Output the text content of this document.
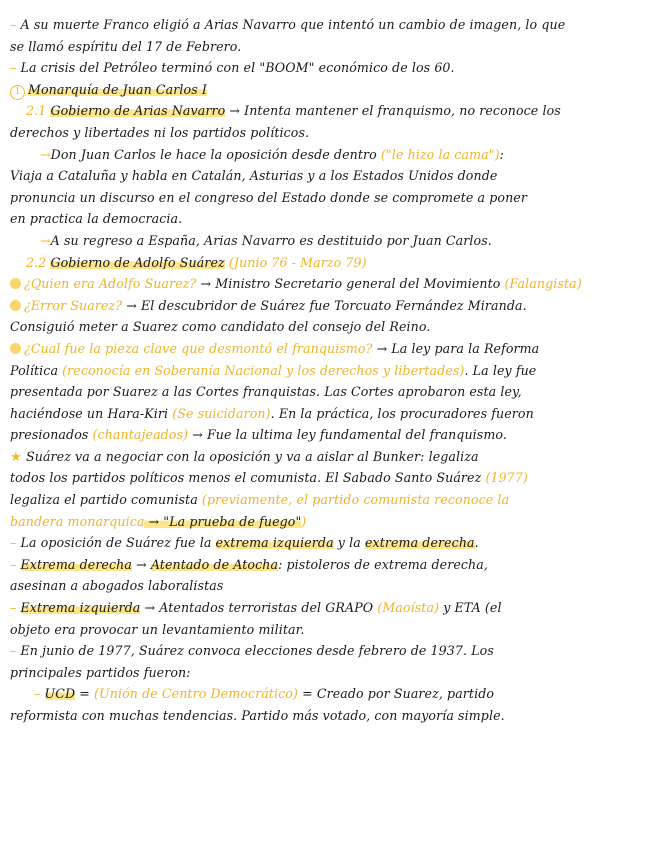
– A su muerte Franco eligió a Arias Navarro que intentó un cambio de imagen, lo que
se llamó espíritu del 17 de Febrero.
– La crisis del Petróleo terminó con el "BOOM" económico de los 60.
1 Monarquía de Juan Carlos I
2.1 Gobierno de Arias Navarro → Intenta mantener el franquismo, no reconoce los
derechos y libertades ni los partidos políticos.
→Don Juan Carlos le hace la oposición desde dentro ("le hizo la cama"):
Viaja a Cataluña y habla en Catalán, Asturias y a los Estados Unidos donde
pronuncia un discurso en el congreso del Estado donde se compromete a poner
en practica la democracia.
→A su regreso a España, Arias Navarro es destituido por Juan Carlos.
2.2 Gobierno de Adolfo Suárez (Junio 76 - Marzo 79)
¿Quien era Adolfo Suarez? → Ministro Secretario general del Movimiento (Falangista)
¿Error Suarez? → El descubridor de Suárez fue Torcuato Fernández Miranda.
Consiguió meter a Suarez como candidato del consejo del Reino.
¿Cual fue la pieza clave que desmontó el franquismo? → La ley para la Reforma
Política (reconocía en Soberanía Nacional y los derechos y libertades). La ley fue
presentada por Suarez a las Cortes franquistas. Las Cortes aprobaron esta ley,
haciéndose un Hara-Kiri (Se suicidaron). En la práctica, los procuradores fueron
presionados (chantajeados) → Fue la ultima ley fundamental del franquismo.
★ Suárez va a negociar con la oposición y va a aislar al Bunker: legaliza
todos los partidos políticos menos el comunista. El Sabado Santo Suárez (1977)
legaliza el partido comunista (previamente, el partido comunista reconoce la
bandera monarquica → "La prueba de fuego")
– La oposición de Suárez fue la extrema izquierda y la extrema derecha.
– Extrema derecha → Atentado de Atocha: pistoleros de extrema derecha,
asesinan a abogados laboralistas
– Extrema izquierda → Atentados terroristas del GRAPO (Maoísta) y ETA (el
objeto era provocar un levantamiento militar.
– En junio de 1977, Suárez convoca elecciones desde febrero de 1937. Los
principales partidos fueron:
– UCD = (Unión de Centro Democrático) = Creado por Suarez, partido
reformista con muchas tendencias. Partido más votado, con mayoría simple.
